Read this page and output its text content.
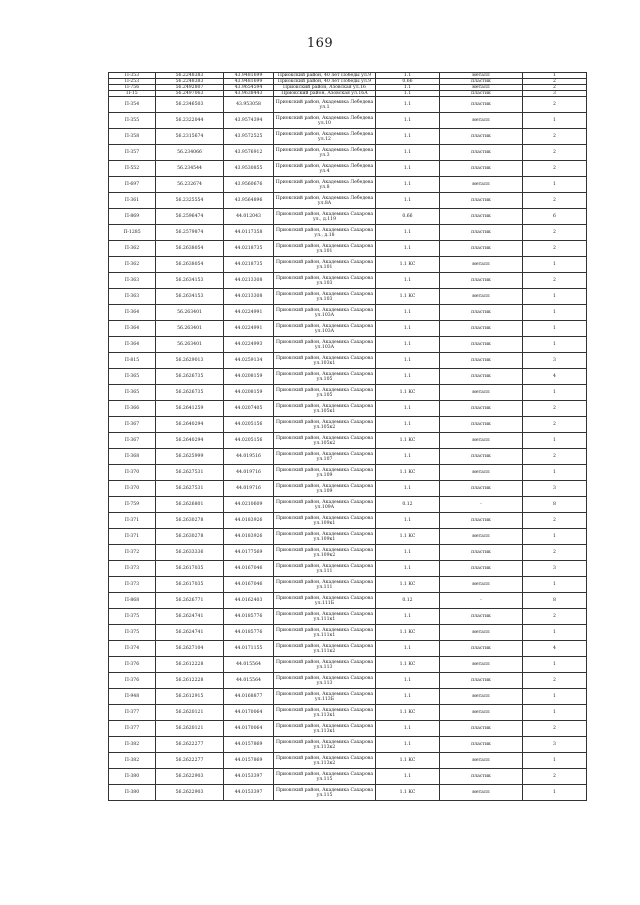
169
П-353	56.2248383	43.9481699	Приокский район, 40 лет Победы ул.9	1.1	металл	1
П-253	56.2248383	43.9481699	Приокский район, 40 лет Победы ул.9	0.66	пластик	2
П-756	56.2492807	43.9654594	Приокский район, Азовская ул.16	1.1	металл	2
П-15	56.2497063	43.9638443	Приокский район, Азовская ул.16А	1.1	пластик	3
П-354	56.2346503	43.953058	Приокский район, Академика Лебедева ул.1	1.1	пластик	2
П-355	56.2322044	43.9574394	Приокский район, Академика Лебедева ул.10	1.1	металл	1
П-358	56.2315674	43.9572525	Приокский район, Академика Лебедева ул.12	1.1	пластик	2
П-357	56.234066	43.9576912	Приокский район, Академика Лебедева ул.3	1.1	пластик	2
П-552	56.234544	43.9530855	Приокский район, Академика Лебедева ул.4	1.1	пластик	2
П-697	56.232674	43.9560676	Приокский район, Академика Лебедева ул.8	1.1	металл	1
П-361	56.2325554	43.9564896	Приокский район, Академика Лебедева ул.8А	1.1	пластик	2
П-869	56.2596474	44.012043	Приокский район, Академика Сахарова ул., д.119	0.66	пластик	6
П-1285	56.2579874	44.0117358	Приокский район, Академика Сахарова ул., д.18	1.1	пластик	2
П-362	56.2638054	44.0218735	Приокский район, Академика Сахарова ул.101	1.1	пластик	2
П-362	56.2638054	44.0218735	Приокский район, Академика Сахарова ул.101	1.1 КС	металл	1
П-363	56.2634153	44.0213308	Приокский район, Академика Сахарова ул.103	1.1	пластик	2
П-363	56.2634153	44.0213308	Приокский район, Академика Сахарова ул.103	1.1 КС	металл	1
П-364	56.263401	44.0224991	Приокский район, Академика Сахарова ул.103А	1.1	пластик	1
П-364	56.263401	44.0224991	Приокский район, Академика Сахарова ул.103А	1.1	пластик	1
П-364	56.263401	44.0224993	Приокский район, Академика Сахарова ул.103А	1.1	пластик	1
П-815	56.2629013	44.0259134	Приокский район, Академика Сахарова ул.103к1	1.1	пластик	3
П-365	56.2626735	44.0208159	Приокский район, Академика Сахарова ул.105	1.1	пластик	4
П-365	56.2626735	44.0208159	Приокский район, Академика Сахарова ул.105	1.1 КС	металл	1
П-366	56.2641259	44.0207405	Приокский район, Академика Сахарова ул.105к1	1.1	пластик	2
П-367	56.2640294	44.0205156	Приокский район, Академика Сахарова ул.105к2	1.1	пластик	2
П-367	56.2640294	44.0205156	Приокский район, Академика Сахарова ул.105к2	1.1 КС	металл	1
П-368	56.2625999	44.019516	Приокский район, Академика Сахарова ул.107	1.1	пластик	2
П-370	56.2627531	44.019716	Приокский район, Академика Сахарова ул.109	1.1 КС	металл	1
П-370	56.2627531	44.019716	Приокский район, Академика Сахарова ул.109	1.1	пластик	3
П-759	56.2626801	44.0210609	Приокский район, Академика Сахарова ул.109А	0.12	-	8
П-371	56.2630278	44.0183926	Приокский район, Академика Сахарова ул.109к1	1.1	пластик	2
П-371	56.2630278	44.0183926	Приокский район, Академика Сахарова ул.109к1	1.1 КС	металл	1
П-372	56.2633336	44.0177569	Приокский район, Академика Сахарова ул.109к2	1.1	пластик	2
П-373	56.2617035	44.0167046	Приокский район, Академика Сахарова ул.111	1.1	пластик	3
П-373	56.2617035	44.0167046	Приокский район, Академика Сахарова ул.111	1.1 КС	металл	1
П-868	56.2626771	44.0162403	Приокский район, Академика Сахарова ул.111Б	0.12	-	8
П-375	56.2624741	44.0185776	Приокский район, Академика Сахарова ул.111к1	1.1	пластик	2
П-375	56.2624741	44.0185776	Приокский район, Академика Сахарова ул.111к1	1.1 КС	металл	1
П-374	56.2627104	44.0171155	Приокский район, Академика Сахарова ул.111к2	1.1	пластик	4
П-376	56.2612228	44.015564	Приокский район, Академика Сахарова ул.113	1.1 КС	металл	1
П-376	56.2612228	44.015564	Приокский район, Академика Сахарова ул.113	1.1	пластик	2
П-948	56.2612915	44.0168877	Приокский район, Академика Сахарова ул.113Б	1.1	металл	1
П-377	56.2620121	44.0170064	Приокский район, Академика Сахарова ул.113к1	1.1 КС	металл	1
П-377	56.2620121	44.0170064	Приокский район, Академика Сахарова ул.113к1	1.1	пластик	2
П-382	56.2622277	44.0157869	Приокский район, Академика Сахарова ул.113к2	1.1	пластик	3
П-382	56.2622277	44.0157869	Приокский район, Академика Сахарова ул.113к2	1.1 КС	металл	1
П-380	56.2622903	44.0153397	Приокский район, Академика Сахарова ул.115	1.1	пластик	2
П-380	56.2622903	44.0153397	Приокский район, Академика Сахарова ул.115	1.1 КС	металл	1
